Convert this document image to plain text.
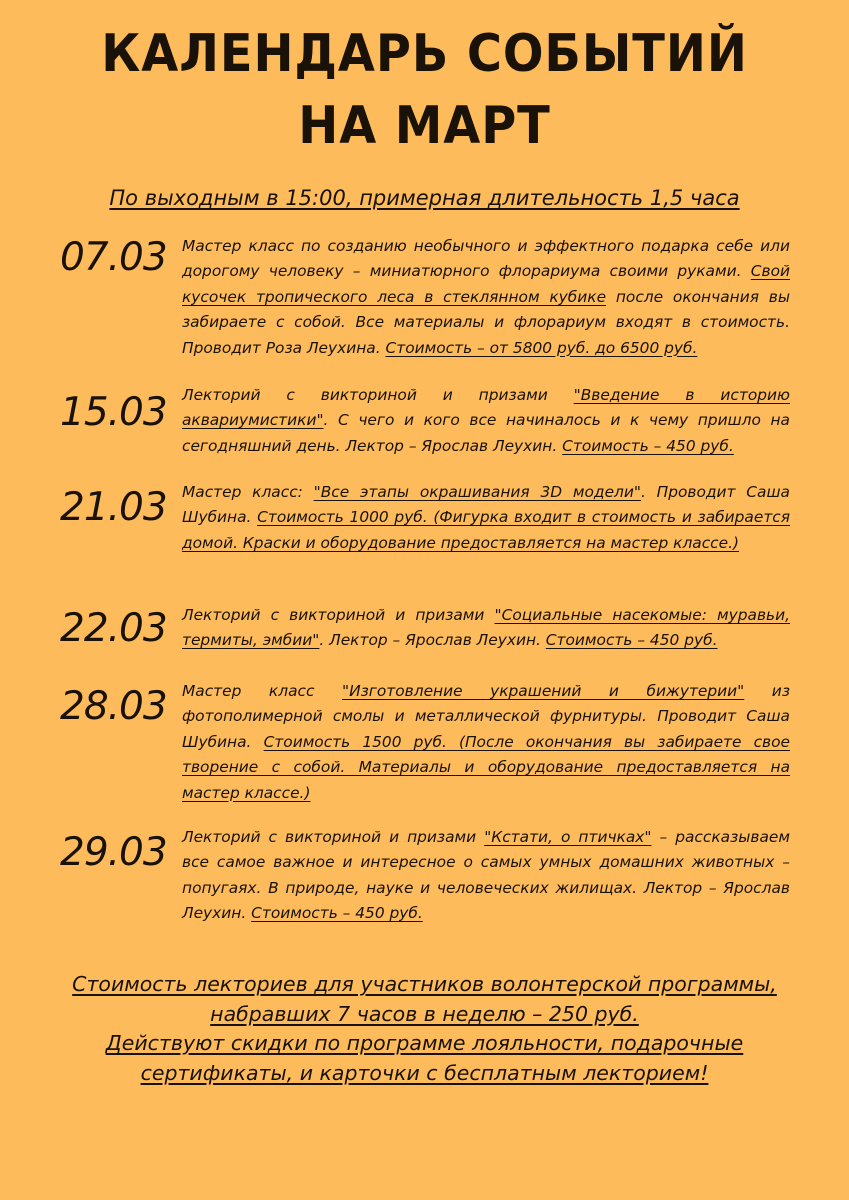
КАЛЕНДАРЬ СОБЫТИЙ
НА МАРТ
По выходным в 15:00, примерная длительность 1,5 часа
07.03 Мастер класс по созданию необычного и эффектного подарка себе или дорогому человеку – миниатюрного флорариума своими руками. Свой кусочек тропического леса в стеклянном кубике после окончания вы забираете с собой. Все материалы и флорариум входят в стоимость. Проводит Роза Леухина. Стоимость – от 5800 руб. до 6500 руб.
15.03 Лекторий с викториной и призами "Введение в историю аквариумистики". С чего и кого все начиналось и к чему пришло на сегодняшний день. Лектор – Ярослав Леухин. Стоимость – 450 руб.
21.03 Мастер класс: "Все этапы окрашивания 3D модели". Проводит Саша Шубина. Стоимость 1000 руб. (Фигурка входит в стоимость и забирается домой. Краски и оборудование предоставляется на мастер классе.)
22.03 Лекторий с викториной и призами "Социальные насекомые: муравьи, термиты, эмбии". Лектор – Ярослав Леухин. Стоимость – 450 руб.
28.03 Мастер класс "Изготовление украшений и бижутерии" из фотополимерной смолы и металлической фурнитуры. Проводит Саша Шубина. Стоимость 1500 руб. (После окончания вы забираете свое творение с собой. Материалы и оборудование предоставляется на мастер классе.)
29.03 Лекторий с викториной и призами "Кстати, о птичках" – рассказываем все самое важное и интересное о самых умных домашних животных – попугаях. В природе, науке и человеческих жилищах. Лектор – Ярослав Леухин. Стоимость – 450 руб.
Стоимость лекториев для участников волонтерской программы,
набравших 7 часов в неделю – 250 руб.
Действуют скидки по программе лояльности, подарочные
сертификаты, и карточки с бесплатным лекторием!
